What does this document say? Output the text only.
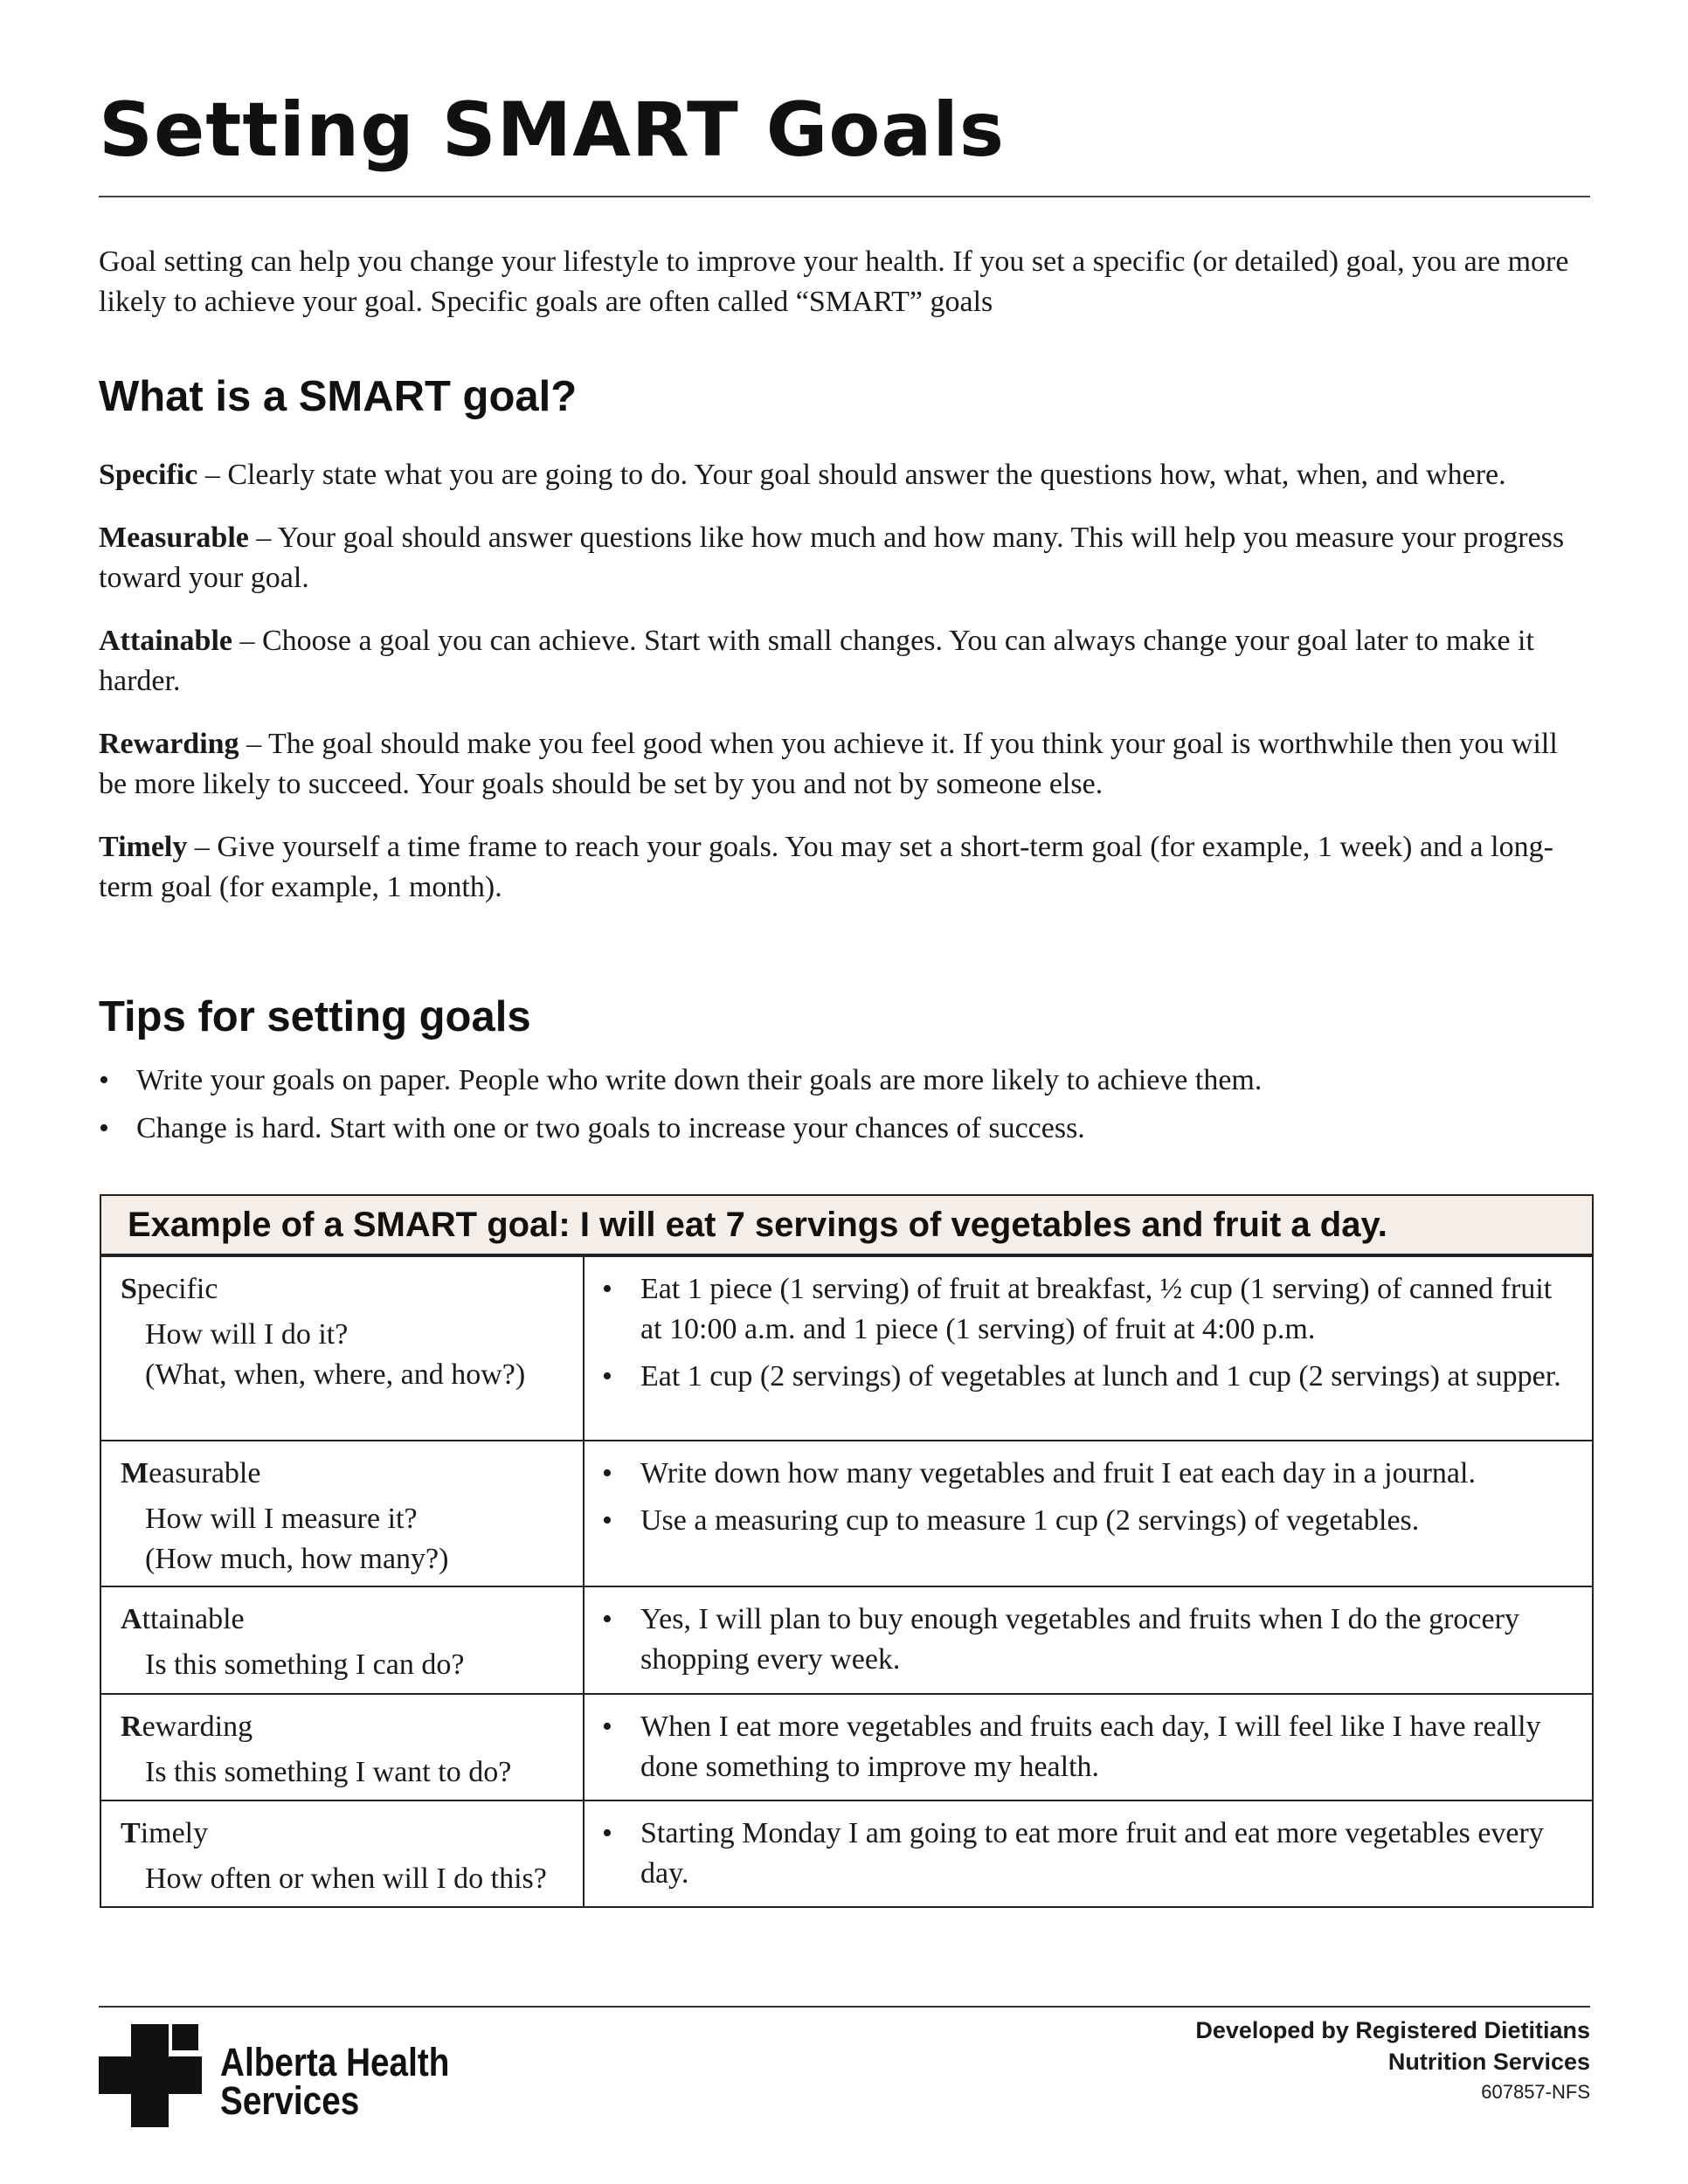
Setting SMART Goals
Goal setting can help you change your lifestyle to improve your health. If you set a specific (or detailed) goal, you are more likely to achieve your goal. Specific goals are often called “SMART” goals
What is a SMART goal?
Specific – Clearly state what you are going to do. Your goal should answer the questions how, what, when, and where.
Measurable – Your goal should answer questions like how much and how many. This will help you measure your progress toward your goal.
Attainable – Choose a goal you can achieve. Start with small changes. You can always change your goal later to make it harder.
Rewarding – The goal should make you feel good when you achieve it. If you think your goal is worthwhile then you will be more likely to succeed. Your goals should be set by you and not by someone else.
Timely – Give yourself a time frame to reach your goals. You may set a short-term goal (for example, 1 week) and a long-term goal (for example, 1 month).
Tips for setting goals
• Write your goals on paper. People who write down their goals are more likely to achieve them.
• Change is hard. Start with one or two goals to increase your chances of success.
Example of a SMART goal: I will eat 7 servings of vegetables and fruit a day.
Specific
How will I do it?
(What, when, where, and how?)
• Eat 1 piece (1 serving) of fruit at breakfast, ½ cup (1 serving) of canned fruit at 10:00 a.m. and 1 piece (1 serving) of fruit at 4:00 p.m.
• Eat 1 cup (2 servings) of vegetables at lunch and 1 cup (2 servings) at supper.
Measurable
How will I measure it?
(How much, how many?)
• Write down how many vegetables and fruit I eat each day in a journal.
• Use a measuring cup to measure 1 cup (2 servings) of vegetables.
Attainable
Is this something I can do?
• Yes, I will plan to buy enough vegetables and fruits when I do the grocery shopping every week.
Rewarding
Is this something I want to do?
• When I eat more vegetables and fruits each day, I will feel like I have really done something to improve my health.
Timely
How often or when will I do this?
• Starting Monday I am going to eat more fruit and eat more vegetables every day.
Alberta Health
Services
Developed by Registered Dietitians
Nutrition Services
607857-NFS
